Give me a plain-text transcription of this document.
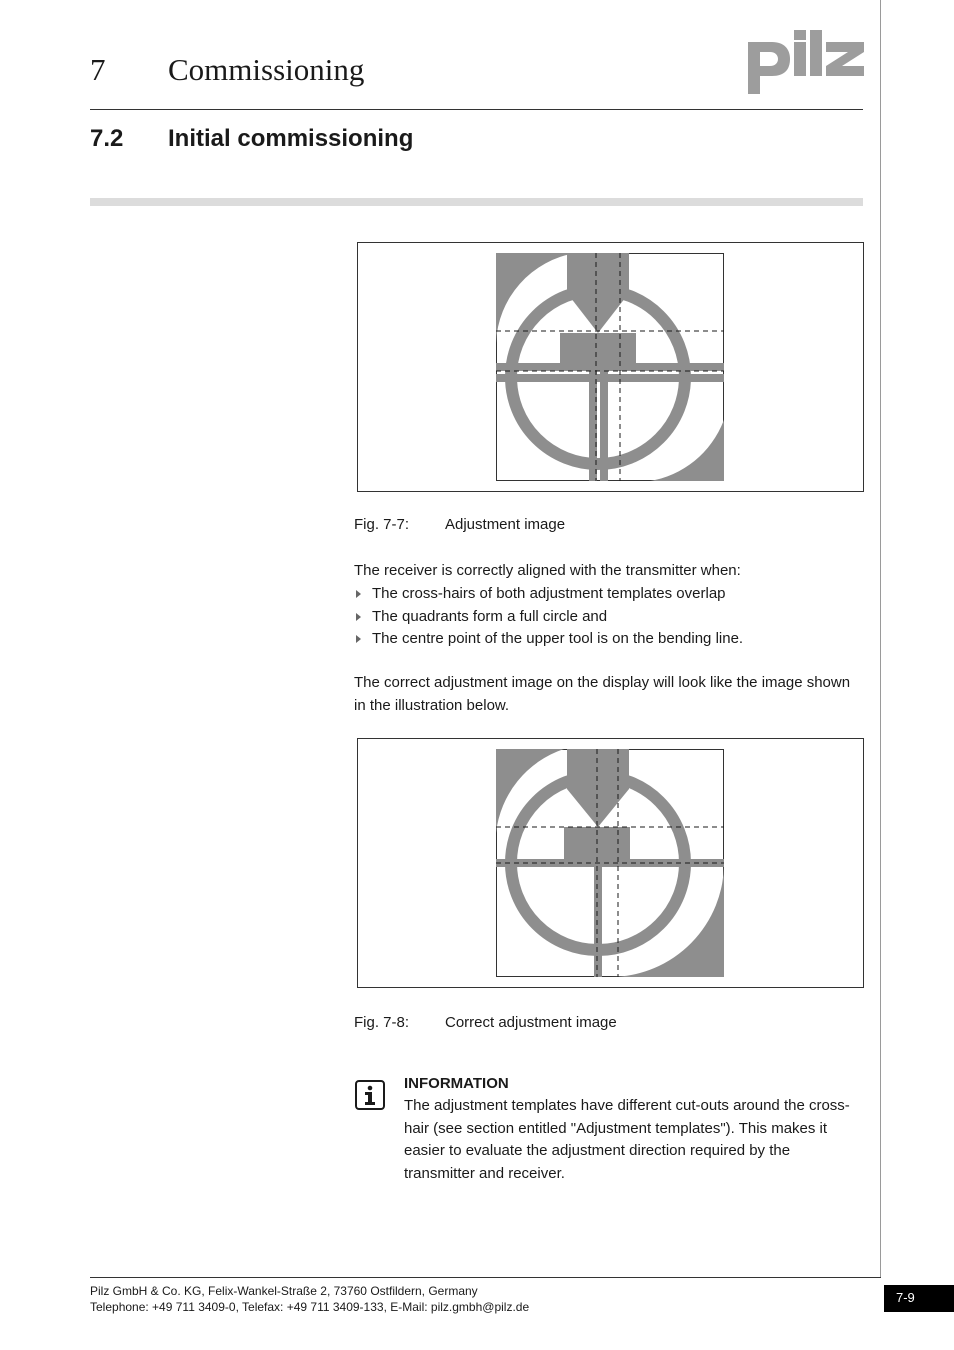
7 Commissioning
7.2 Initial commissioning
Fig. 7-7: Adjustment image
The receiver is correctly aligned with the transmitter when:
The cross-hairs of both adjustment templates overlap
The quadrants form a full circle and
The centre point of the upper tool is on the bending line.
The correct adjustment image on the display will look like the image shown in the illustration below.
Fig. 7-8: Correct adjustment image
INFORMATION
The adjustment templates have different cut-outs around the cross-hair (see section entitled "Adjustment templates"). This makes it easier to evaluate the adjustment direction required by the transmitter and receiver.
Pilz GmbH & Co. KG, Felix-Wankel-Straße 2, 73760 Ostfildern, Germany
Telephone: +49 711 3409-0, Telefax: +49 711 3409-133, E-Mail: pilz.gmbh@pilz.de
7-9
